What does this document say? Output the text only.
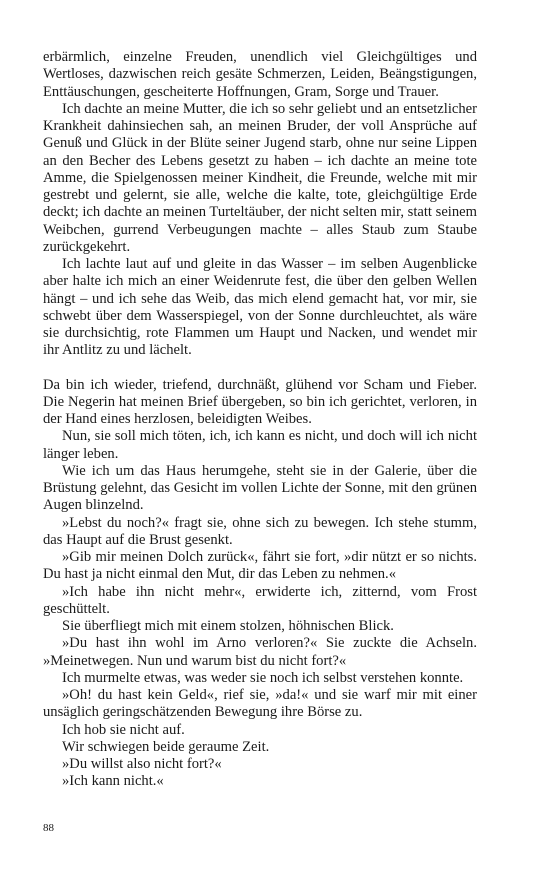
erbärmlich, einzelne Freuden, unendlich viel Gleichgültiges und Wertloses, dazwischen reich gesäte Schmerzen, Leiden, Beängstigungen, Enttäuschungen, gescheiterte Hoffnungen, Gram, Sorge und Trauer.

Ich dachte an meine Mutter, die ich so sehr geliebt und an entsetzlicher Krankheit dahinsiechen sah, an meinen Bruder, der voll Ansprüche auf Genuß und Glück in der Blüte seiner Jugend starb, ohne nur seine Lippen an den Becher des Lebens gesetzt zu haben – ich dachte an meine tote Amme, die Spielgenossen meiner Kindheit, die Freunde, welche mit mir gestrebt und gelernt, sie alle, welche die kalte, tote, gleichgültige Erde deckt; ich dachte an meinen Turteltäuber, der nicht selten mir, statt seinem Weibchen, gurrend Verbeugungen machte – alles Staub zum Staube zurückgekehrt.

Ich lachte laut auf und gleite in das Wasser – im selben Augenblicke aber halte ich mich an einer Weidenrute fest, die über den gelben Wellen hängt – und ich sehe das Weib, das mich elend gemacht hat, vor mir, sie schwebt über dem Wasserspiegel, von der Sonne durchleuchtet, als wäre sie durchsichtig, rote Flammen um Haupt und Nacken, und wendet mir ihr Antlitz zu und lächelt.

Da bin ich wieder, triefend, durchnäßt, glühend vor Scham und Fieber. Die Negerin hat meinen Brief übergeben, so bin ich gerichtet, verloren, in der Hand eines herzlosen, beleidigten Weibes.

Nun, sie soll mich töten, ich, ich kann es nicht, und doch will ich nicht länger leben.

Wie ich um das Haus herumgehe, steht sie in der Galerie, über die Brüstung gelehnt, das Gesicht im vollen Lichte der Sonne, mit den grünen Augen blinzelnd.

»Lebst du noch?« fragt sie, ohne sich zu bewegen. Ich stehe stumm, das Haupt auf die Brust gesenkt.

»Gib mir meinen Dolch zurück«, fährt sie fort, »dir nützt er so nichts. Du hast ja nicht einmal den Mut, dir das Leben zu nehmen.«

»Ich habe ihn nicht mehr«, erwiderte ich, zitternd, vom Frost geschüttelt.

Sie überfliegt mich mit einem stolzen, höhnischen Blick.

»Du hast ihn wohl im Arno verloren?« Sie zuckte die Achseln. »Meinetwegen. Nun und warum bist du nicht fort?«

Ich murmelte etwas, was weder sie noch ich selbst verstehen konnte.

»Oh! du hast kein Geld«, rief sie, »da!« und sie warf mir mit einer unsäglich geringschätzenden Bewegung ihre Börse zu.

Ich hob sie nicht auf.

Wir schwiegen beide geraume Zeit.

»Du willst also nicht fort?«

»Ich kann nicht.«

88
